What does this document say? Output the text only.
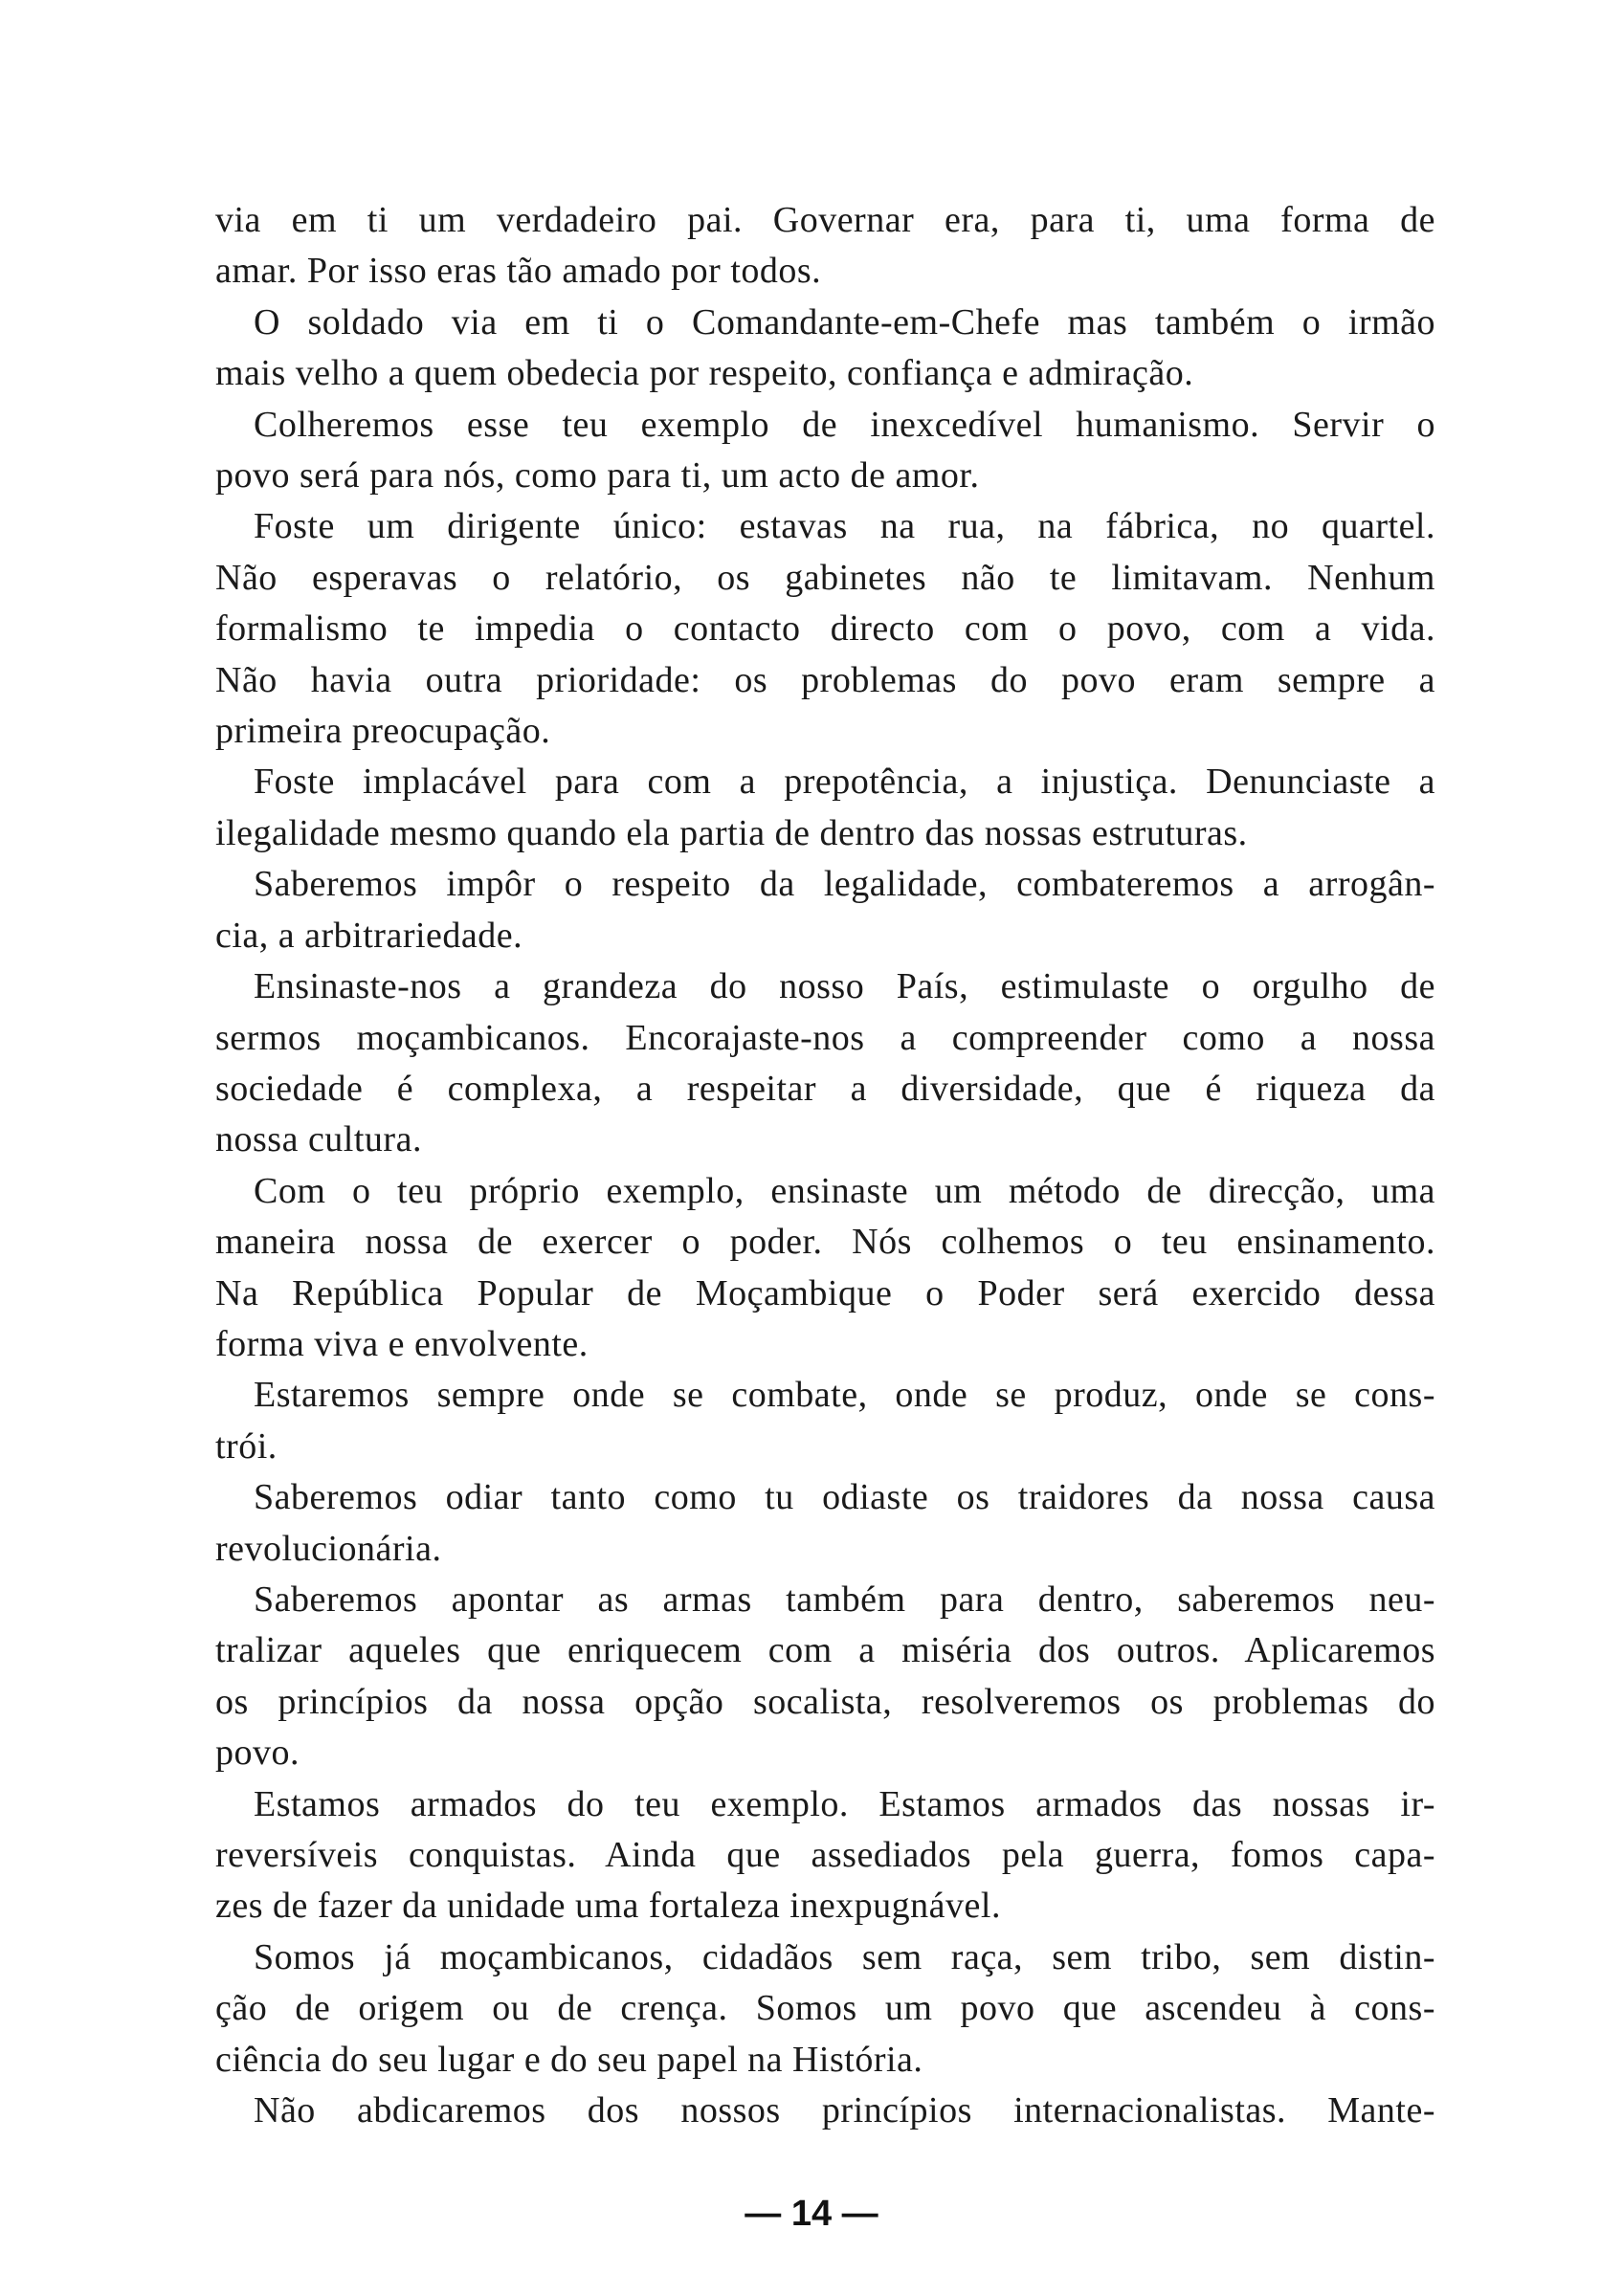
via em ti um verdadeiro pai. Governar era, para ti, uma forma de
amar. Por isso eras tão amado por todos.
O soldado via em ti o Comandante-em-Chefe mas também o irmão
mais velho a quem obedecia por respeito, confiança e admiração.
Colheremos esse teu exemplo de inexcedível humanismo. Servir o
povo será para nós, como para ti, um acto de amor.
Foste um dirigente único: estavas na rua, na fábrica, no quartel.
Não esperavas o relatório, os gabinetes não te limitavam. Nenhum
formalismo te impedia o contacto directo com o povo, com a vida.
Não havia outra prioridade: os problemas do povo eram sempre a
primeira preocupação.
Foste implacável para com a prepotência, a injustiça. Denunciaste a
ilegalidade mesmo quando ela partia de dentro das nossas estruturas.
Saberemos impôr o respeito da legalidade, combateremos a arrogân-
cia, a arbitrariedade.
Ensinaste-nos a grandeza do nosso País, estimulaste o orgulho de
sermos moçambicanos. Encorajaste-nos a compreender como a nossa
sociedade é complexa, a respeitar a diversidade, que é riqueza da
nossa cultura.
Com o teu próprio exemplo, ensinaste um método de direcção, uma
maneira nossa de exercer o poder. Nós colhemos o teu ensinamento.
Na República Popular de Moçambique o Poder será exercido dessa
forma viva e envolvente.
Estaremos sempre onde se combate, onde se produz, onde se cons-
trói.
Saberemos odiar tanto como tu odiaste os traidores da nossa causa
revolucionária.
Saberemos apontar as armas também para dentro, saberemos neu-
tralizar aqueles que enriquecem com a miséria dos outros. Aplicaremos
os princípios da nossa opção socalista, resolveremos os problemas do
povo.
Estamos armados do teu exemplo. Estamos armados das nossas ir-
reversíveis conquistas. Ainda que assediados pela guerra, fomos capa-
zes de fazer da unidade uma fortaleza inexpugnável.
Somos já moçambicanos, cidadãos sem raça, sem tribo, sem distin-
ção de origem ou de crença. Somos um povo que ascendeu à cons-
ciência do seu lugar e do seu papel na História.
Não abdicaremos dos nossos princípios internacionalistas. Mante-
— 14 —
